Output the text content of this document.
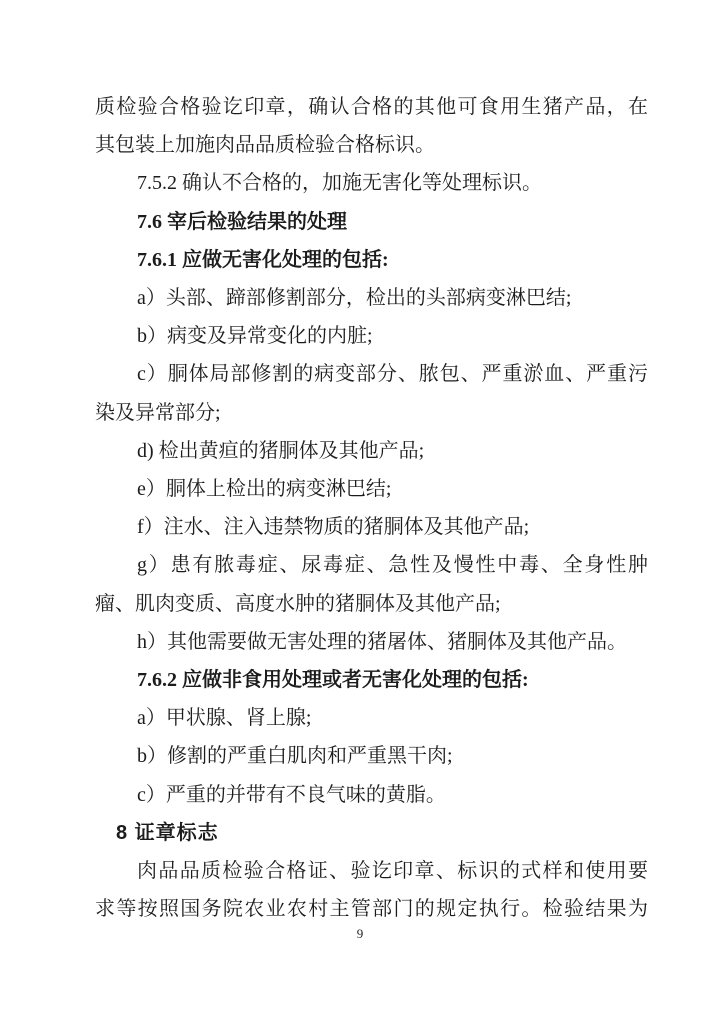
质检验合格验讫印章，确认合格的其他可食用生猪产品，在

其包装上加施肉品品质检验合格标识。

7.5.2 确认不合格的，加施无害化等处理标识。

7.6 宰后检验结果的处理

7.6.1 应做无害化处理的包括:

a）头部、蹄部修割部分，检出的头部病变淋巴结;

b）病变及异常变化的内脏;

c）胴体局部修割的病变部分、脓包、严重淤血、严重污

染及异常部分;

d) 检出黄疸的猪胴体及其他产品;

e）胴体上检出的病变淋巴结;

f）注水、注入违禁物质的猪胴体及其他产品;

g）患有脓毒症、尿毒症、急性及慢性中毒、全身性肿

瘤、肌肉变质、高度水肿的猪胴体及其他产品;

h）其他需要做无害处理的猪屠体、猪胴体及其他产品。

7.6.2 应做非食用处理或者无害化处理的包括:

a）甲状腺、肾上腺;

b）修割的严重白肌肉和严重黑干肉;

c）严重的并带有不良气味的黄脂。

8 证章标志

肉品品质检验合格证、验讫印章、标识的式样和使用要

求等按照国务院农业农村主管部门的规定执行。检验结果为

9
